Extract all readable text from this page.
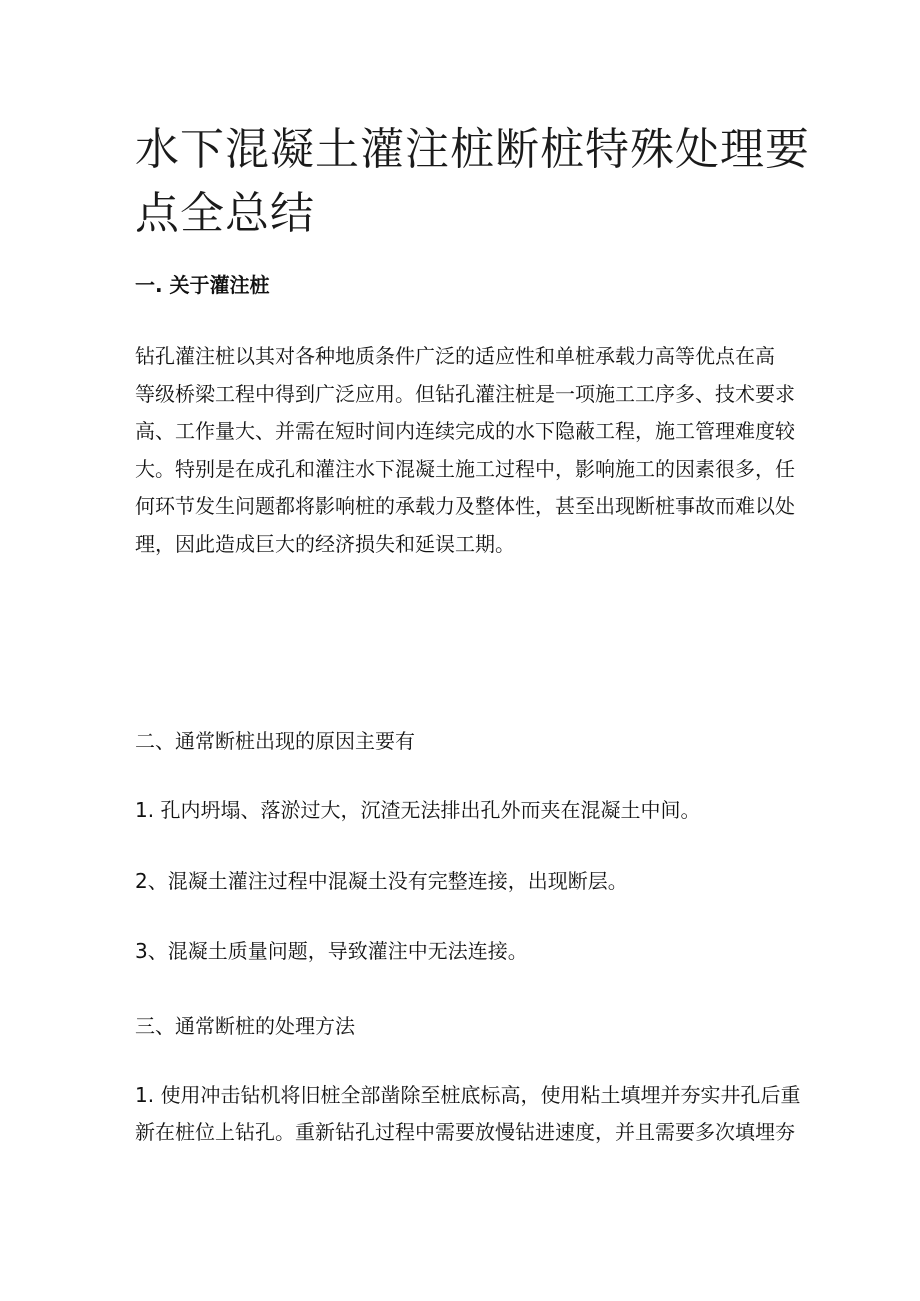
水下混凝土灌注桩断桩特殊处理要
点全总结
一. 关于灌注桩

钻孔灌注桩以其对各种地质条件广泛的适应性和单桩承载力高等优点在高
等级桥梁工程中得到广泛应用。但钻孔灌注桩是一项施工工序多、技术要求
高、工作量大、并需在短时间内连续完成的水下隐蔽工程，施工管理难度较
大。特别是在成孔和灌注水下混凝土施工过程中，影响施工的因素很多，任
何环节发生问题都将影响桩的承载力及整体性，甚至出现断桩事故而难以处
理，因此造成巨大的经济损失和延误工期。

二、通常断桩出现的原因主要有

1. 孔内坍塌、落淤过大，沉渣无法排出孔外而夹在混凝土中间。

2、混凝土灌注过程中混凝土没有完整连接，出现断层。

3、混凝土质量问题，导致灌注中无法连接。

三、通常断桩的处理方法

1. 使用冲击钻机将旧桩全部凿除至桩底标高，使用粘土填埋并夯实井孔后重
新在桩位上钻孔。重新钻孔过程中需要放慢钻进速度，并且需要多次填埋夯
